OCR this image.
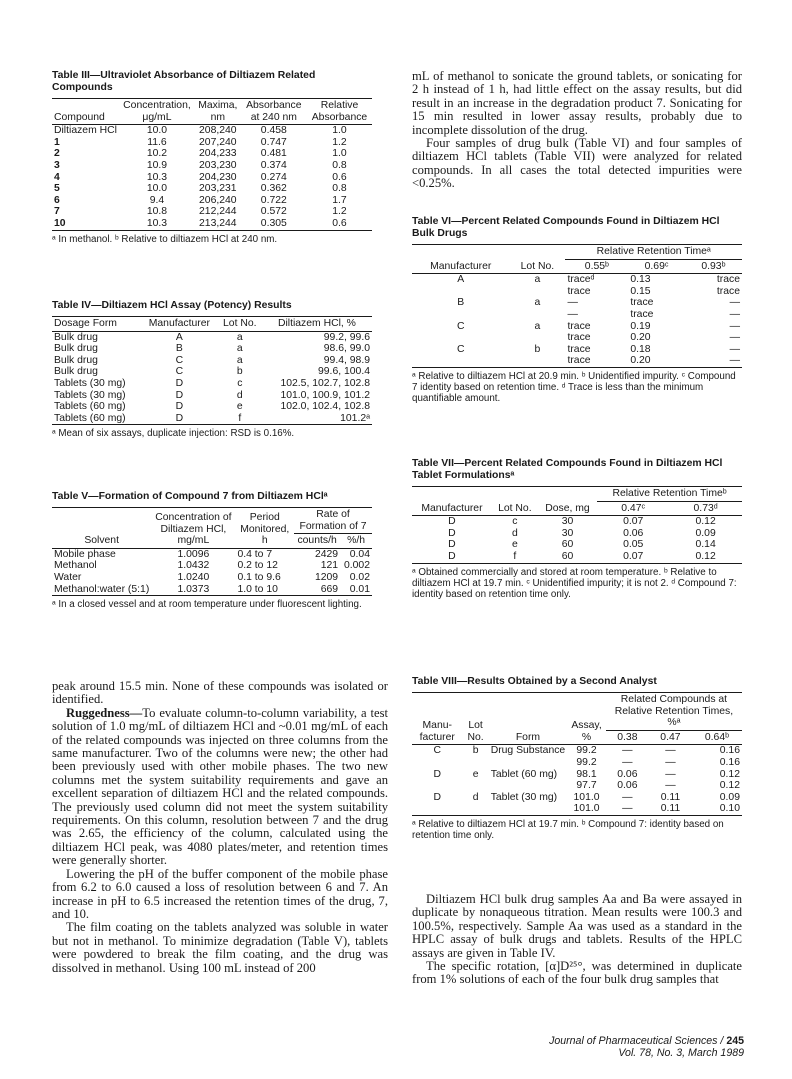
Table III—Ultraviolet Absorbance of Diltiazem Related Compounds
Compound	Concentration, μg/mL	Maxima, nm	Absorbance at 240 nm	Relative Absorbance
Diltiazem HCl	10.0	208,240	0.458	1.0
1	11.6	207,240	0.747	1.2
2	10.2	204,233	0.481	1.0
3	10.9	203,230	0.374	0.8
4	10.3	204,230	0.274	0.6
5	10.0	203,231	0.362	0.8
6	9.4	206,240	0.722	1.7
7	10.8	212,244	0.572	1.2
10	10.3	213,244	0.305	0.6
ᵃ In methanol. ᵇ Relative to diltiazem HCl at 240 nm.
Table IV—Diltiazem HCl Assay (Potency) Results
Dosage Form	Manufacturer	Lot No.	Diltiazem HCl, %
Bulk drug	A	a	99.2, 99.6
Bulk drug	B	a	98.6, 99.0
Bulk drug	C	a	99.4, 98.9
Bulk drug	C	b	99.6, 100.4
Tablets (30 mg)	D	c	102.5, 102.7, 102.8
Tablets (30 mg)	D	d	101.0, 100.9, 101.2
Tablets (60 mg)	D	e	102.0, 102.4, 102.8
Tablets (60 mg)	D	f	101.2ᵃ
ᵃ Mean of six assays, duplicate injection: RSD is 0.16%.
Table V—Formation of Compound 7 from Diltiazem HClᵃ
Solvent	Concentration of Diltiazem HCl, mg/mL	Period Monitored, h	Rate of Formation of 7	
			counts/h	%/h
Mobile phase	1.0096	0.4 to 7	2429	0.04
Methanol	1.0432	0.2 to 12	121	0.002
Water	1.0240	0.1 to 9.6	1209	0.02
Methanol:water (5:1)	1.0373	1.0 to 10	669	0.01
ᵃ In a closed vessel and at room temperature under fluorescent lighting.

peak around 15.5 min. None of these compounds was isolated or identified.

Ruggedness—To evaluate column-to-column variability, a test solution of 1.0 mg/mL of diltiazem HCl and ~0.01 mg/mL of each of the related compounds was injected on three columns from the same manufacturer. Two of the columns were new; the other had been previously used with other mobile phases. The two new columns met the system suitability requirements and gave an excellent separation of diltiazem HCl and the related compounds. The previously used column did not meet the system suitability requirements. On this column, resolution between 7 and the drug was 2.65, the efficiency of the column, calculated using the diltiazem HCl peak, was 4080 plates/meter, and retention times were generally shorter.

Lowering the pH of the buffer component of the mobile phase from 6.2 to 6.0 caused a loss of resolution between 6 and 7. An increase in pH to 6.5 increased the retention times of the drug, 7, and 10.

The film coating on the tablets analyzed was soluble in water but not in methanol. To minimize degradation (Table V), tablets were powdered to break the film coating, and the drug was dissolved in methanol. Using 100 mL instead of 200

mL of methanol to sonicate the ground tablets, or sonicating for 2 h instead of 1 h, had little effect on the assay results, but did result in an increase in the degradation product 7. Sonicating for 15 min resulted in lower assay results, probably due to incomplete dissolution of the drug.

Four samples of drug bulk (Table VI) and four samples of diltiazem HCl tablets (Table VII) were analyzed for related compounds. In all cases the total detected impurities were <0.25%.

Table VI—Percent Related Compounds Found in Diltiazem HCl Bulk Drugs
Manufacturer	Lot No.	Relative Retention Timeᵃ		
		0.55ᵇ	0.69ᶜ	0.93ᵇ
A	a	traceᵈ	0.13	trace
		trace	0.15	trace
B	a	—	trace	—
		—	trace	—
C	a	trace	0.19	—
		trace	0.20	—
C	b	trace	0.18	—
		trace	0.20	—
ᵃ Relative to diltiazem HCl at 20.9 min. ᵇ Unidentified impurity. ᶜ Compound 7 identity based on retention time. ᵈ Trace is less than the minimum quantifiable amount.
Table VII—Percent Related Compounds Found in Diltiazem HCl Tablet Formulationsᵃ
Manufacturer	Lot No.	Dose, mg	Relative Retention Timeᵇ	
			0.47ᶜ	0.73ᵈ
D	c	30	0.07	0.12
D	d	30	0.06	0.09
D	e	60	0.05	0.14
D	f	60	0.07	0.12
ᵃ Obtained commercially and stored at room temperature. ᵇ Relative to diltiazem HCl at 19.7 min. ᶜ Unidentified impurity; it is not 2. ᵈ Compound 7: identity based on retention time only.
Table VIII—Results Obtained by a Second Analyst
Manu- facturer	Lot No.	Form	Assay, %	Related Compounds at Relative Retention Times, %ᵃ		
				0.38	0.47	0.64ᵇ
C	b	Drug Substance	99.2	—	—	0.16
			99.2	—	—	0.16
D	e	Tablet (60 mg)	98.1	0.06	—	0.12
			97.7	0.06	—	0.12
D	d	Tablet (30 mg)	101.0	—	0.11	0.09
			101.0	—	0.11	0.10
ᵃ Relative to diltiazem HCl at 19.7 min. ᵇ Compound 7: identity based on retention time only.

Diltiazem HCl bulk drug samples Aa and Ba were assayed in duplicate by nonaqueous titration. Mean results were 100.3 and 100.5%, respectively. Sample Aa was used as a standard in the HPLC assay of bulk drugs and tablets. Results of the HPLC assays are given in Table IV.

The specific rotation, [α]D²⁵°, was determined in duplicate from 1% solutions of each of the four bulk drug samples that

Journal of Pharmaceutical Sciences / 245
Vol. 78, No. 3, March 1989
